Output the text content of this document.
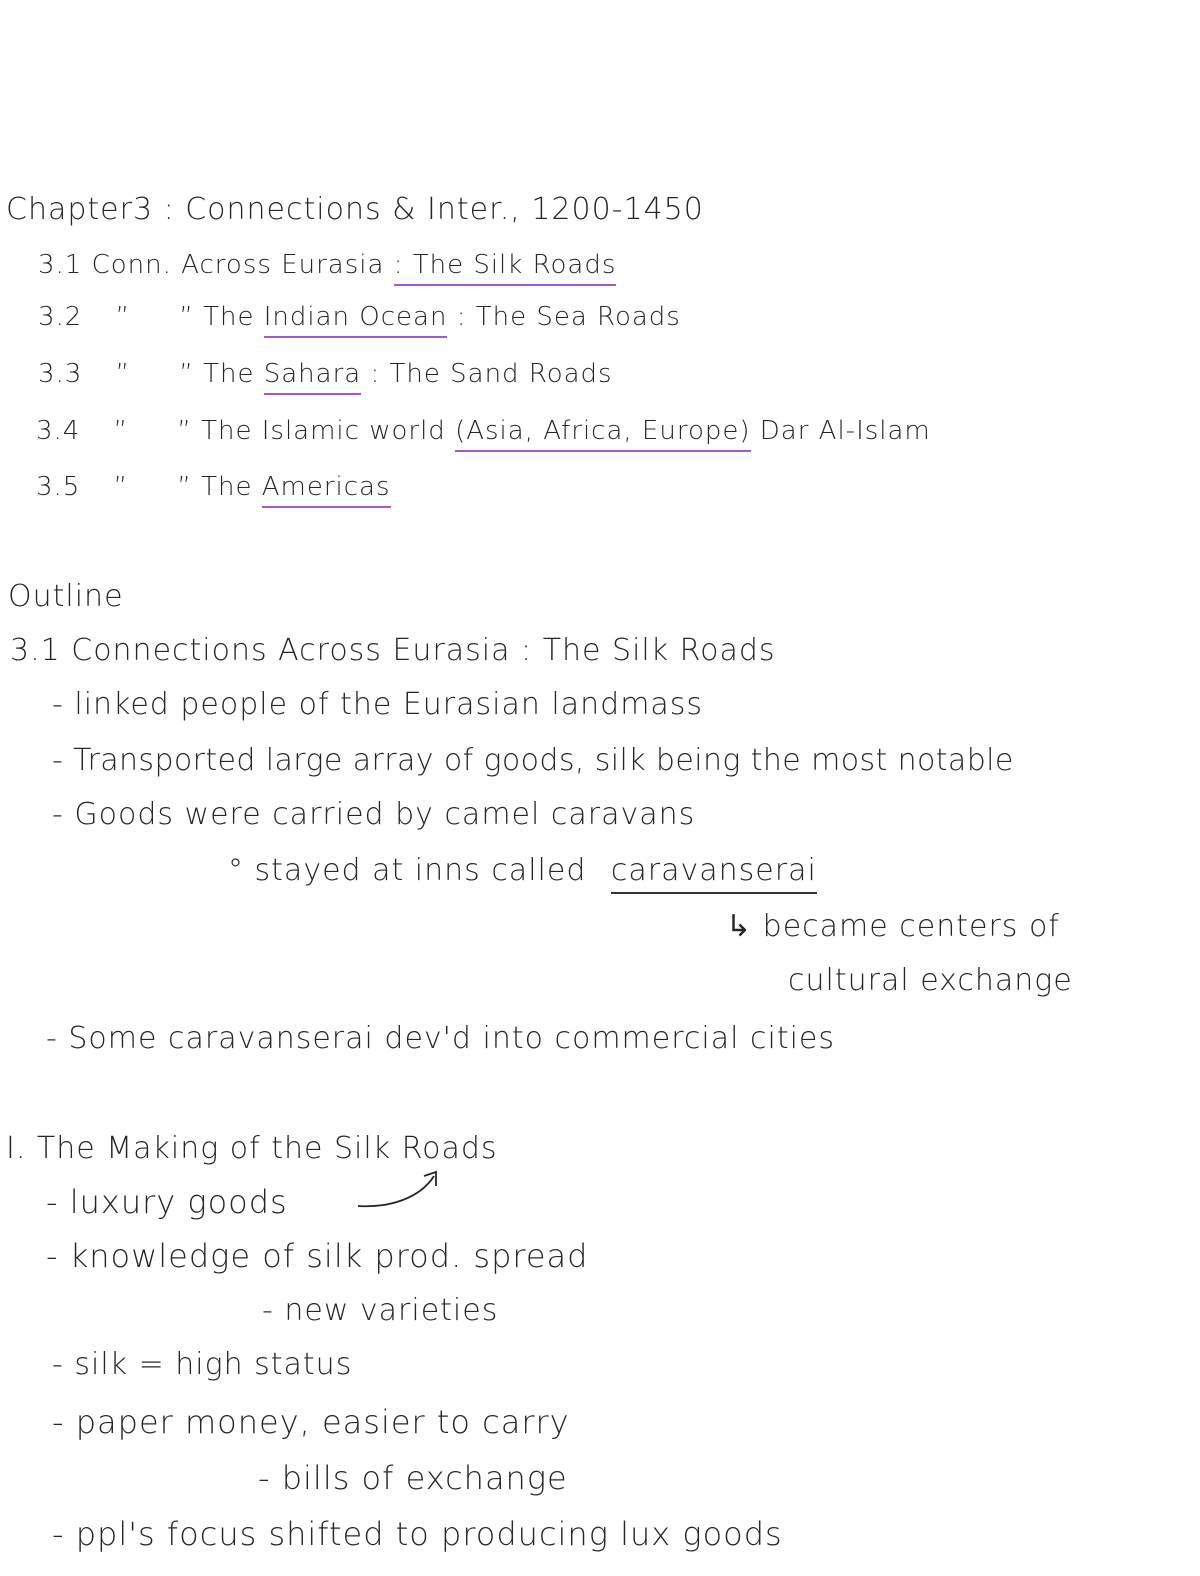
Chapter3 : Connections & Inter., 1200-1450
3.1 Conn. Across Eurasia : The Silk Roads
3.2 ” ” The Indian Ocean : The Sea Roads
3.3 ” ” The Sahara : The Sand Roads
3.4 ” ” The Islamic world (Asia, Africa, Europe) Dar Al-Islam
3.5 ” ” The Americas
Outline
3.1 Connections Across Eurasia : The Silk Roads
- linked people of the Eurasian landmass
- Transported large array of goods, silk being the most notable
- Goods were carried by camel caravans
° stayed at inns called caravanserai
↳ became centers of
cultural exchange
- Some caravanserai dev'd into commercial cities
I. The Making of the Silk Roads
- luxury goods
- knowledge of silk prod. spread
- new varieties
- silk = high status
- paper money, easier to carry
- bills of exchange
- ppl's focus shifted to producing lux goods
